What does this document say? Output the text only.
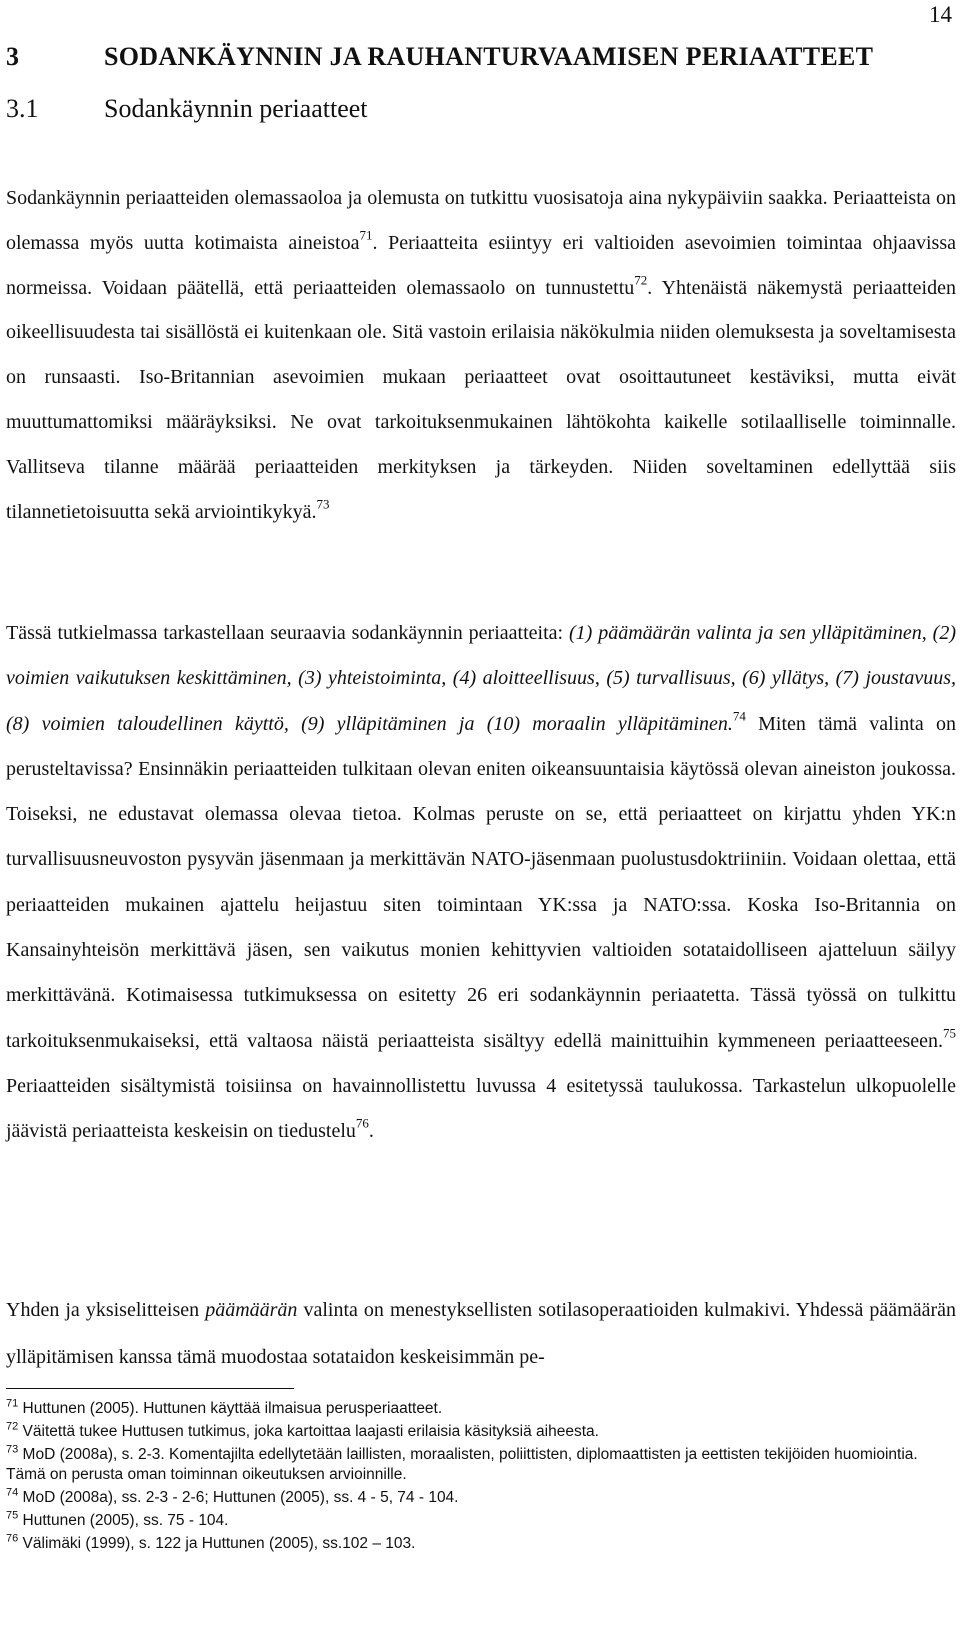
14
3	SODANKÄYNNIN JA RAUHANTURVAAMISEN PERIAATTEET
3.1	Sodankäynnin periaatteet
Sodankäynnin periaatteiden olemassaoloa ja olemusta on tutkittu vuosisatoja aina nykypäiviin saakka. Periaatteista on olemassa myös uutta kotimaista aineistoa$^{71}$. Periaatteita esiintyy eri valtioiden asevoimien toimintaa ohjaavissa normeissa. Voidaan päätellä, että periaatteiden olemassaolo on tunnustettu$^{72}$. Yhtenäistä näkemystä periaatteiden oikeellisuudesta tai sisällöstä ei kuitenkaan ole. Sitä vastoin erilaisia näkökulmia niiden olemuksesta ja soveltamisesta on runsaasti. Iso-Britannian asevoimien mukaan periaatteet ovat osoittautuneet kestäviksi, mutta eivät muuttumattomiksi määräyksiksi. Ne ovat tarkoituksenmukainen lähtökohta kaikelle sotilaalliselle toiminnalle. Vallitseva tilanne määrää periaatteiden merkityksen ja tärkeyden. Niiden soveltaminen edellyttää siis tilannetietoisuutta sekä arviointikykyä.$^{73}$
Tässä tutkielmassa tarkastellaan seuraavia sodankäynnin periaatteita: (1) päämäärän valinta ja sen ylläpitäminen, (2) voimien vaikutuksen keskittäminen, (3) yhteistoiminta, (4) aloitteellisuus, (5) turvallisuus, (6) yllätys, (7) joustavuus, (8) voimien taloudellinen käyttö, (9) ylläpitäminen ja (10) moraalin ylläpitäminen.$^{74}$ Miten tämä valinta on perusteltavissa? Ensinnäkin periaatteiden tulkitaan olevan eniten oikeansuuntaisia käytössä olevan aineiston joukossa. Toiseksi, ne edustavat olemassa olevaa tietoa. Kolmas peruste on se, että periaatteet on kirjattu yhden YK:n turvallisuusneuvoston pysyvän jäsenmaan ja merkittävän NATO-jäsenmaan puolustusdoktriiniin. Voidaan olettaa, että periaatteiden mukainen ajattelu heijastuu siten toimintaan YK:ssa ja NATO:ssa. Koska Iso-Britannia on Kansainyhteisön merkittävä jäsen, sen vaikutus monien kehittyvien valtioiden sotataidolliseen ajatteluun säilyy merkittävänä. Kotimaisessa tutkimuksessa on esitetty 26 eri sodankäynnin periaatetta. Tässä työssä on tulkittu tarkoituksenmukaiseksi, että valtaosa näistä periaatteista sisältyy edellä mainittuihin kymmeneen periaatteeseen.$^{75}$ Periaatteiden sisältymistä toisiinsa on havainnollistettu luvussa 4 esitetyssä taulukossa. Tarkastelun ulkopuolelle jäävistä periaatteista keskeisin on tiedustelu$^{76}$.
Yhden ja yksiselitteisen päämäärän valinta on menestyksellisten sotilasoperaatioiden kulmakivi. Yhdessä päämäärän ylläpitämisen kanssa tämä muodostaa sotataidon keskeisimmän pe-
$^{71}$ Huttunen (2005). Huttunen käyttää ilmaisua perusperiaatteet.
$^{72}$ Väitettä tukee Huttusen tutkimus, joka kartoittaa laajasti erilaisia käsityksiä aiheesta.
$^{73}$ MoD (2008a), s. 2-3. Komentajilta edellytetään laillisten, moraalisten, poliittisten, diplomaattisten ja eettisten tekijöiden huomiointia. Tämä on perusta oman toiminnan oikeutuksen arvioinnille.
$^{74}$ MoD (2008a), ss. 2-3 - 2-6; Huttunen (2005), ss. 4 - 5, 74 - 104.
$^{75}$ Huttunen (2005), ss. 75 - 104.
$^{76}$ Välimäki (1999), s. 122 ja Huttunen (2005), ss.102 – 103.
